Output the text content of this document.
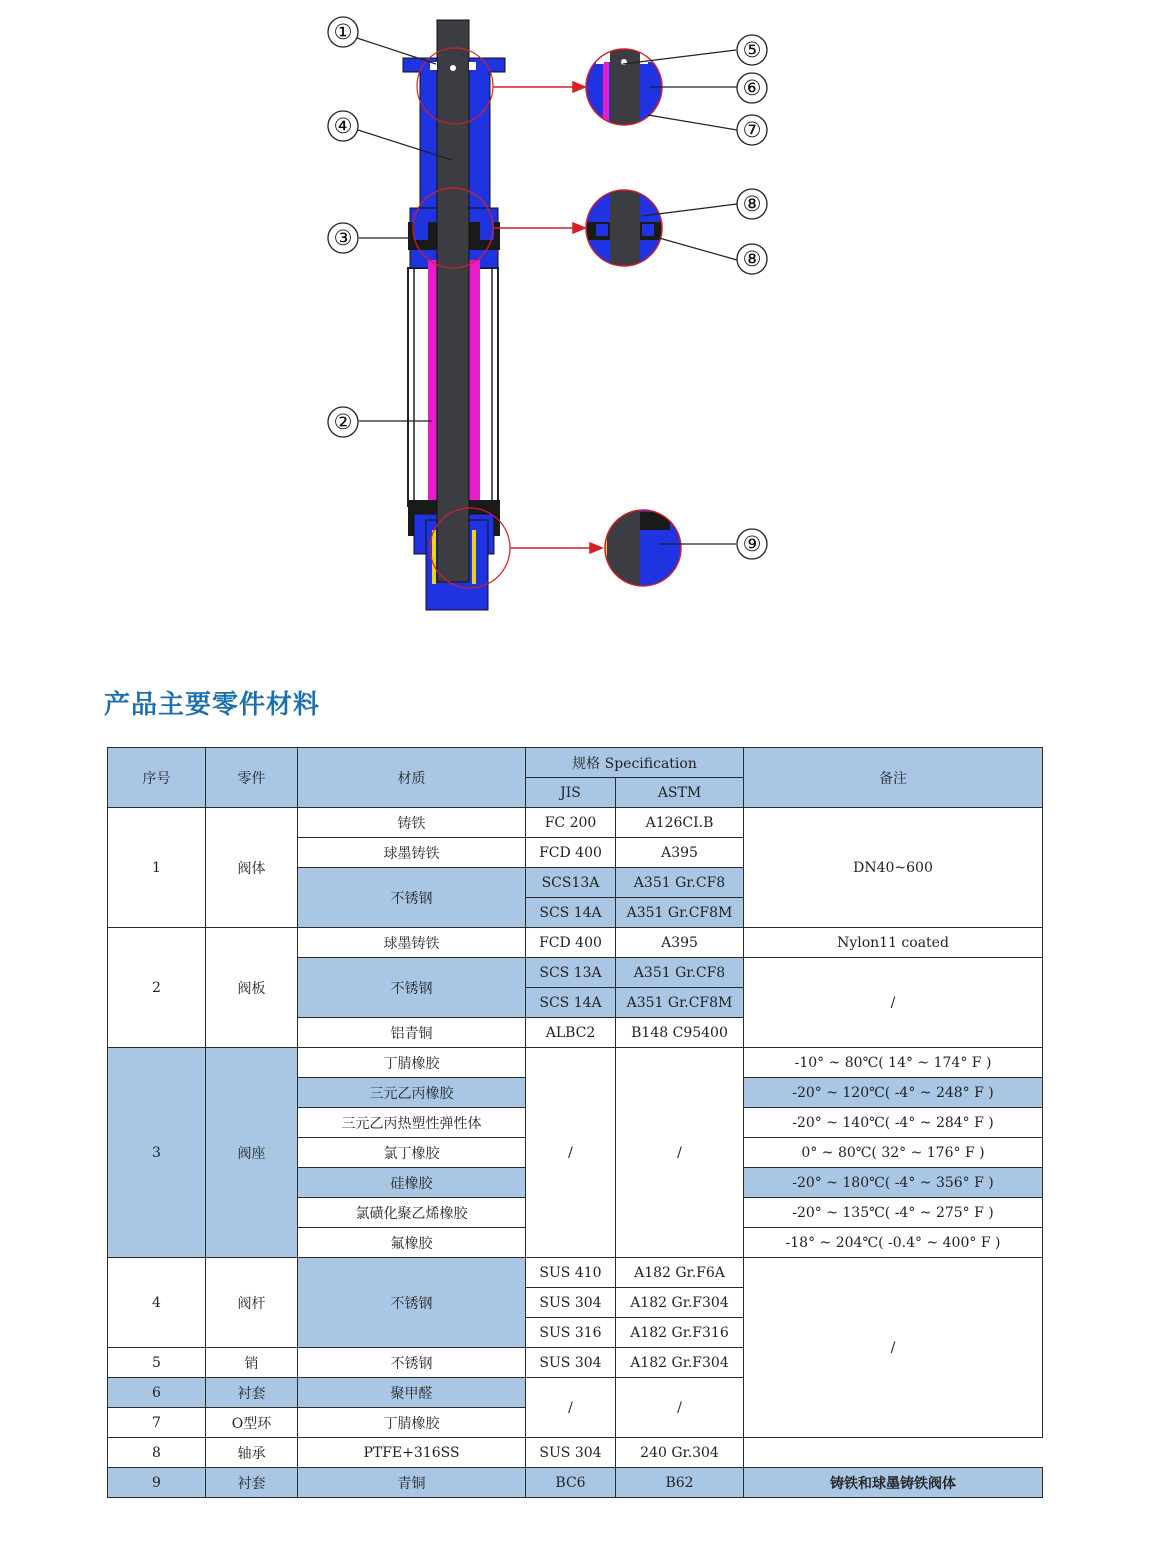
①
②
③
④
⑤
⑥
⑦
⑧
⑧
⑨
产品主要零件材料
序号	零件	材质	规格 Specification		备注
			JIS	ASTM	
1	阀体	铸铁	FC 200	A126CI.B	DN40~600
		球墨铸铁	FCD 400	A395	
		不锈钢	SCS13A	A351 Gr.CF8	
			SCS 14A	A351 Gr.CF8M	
2	阀板	球墨铸铁	FCD 400	A395	Nylon11 coated
		不锈钢	SCS 13A	A351 Gr.CF8	/
			SCS 14A	A351 Gr.CF8M	
		铝青铜	ALBC2	B148 C95400	
3	阀座	丁腈橡胶	/	/	-10° ~ 80℃( 14° ~ 174° F )
		三元乙丙橡胶			-20° ~ 120℃( -4° ~ 248° F )
		三元乙丙热塑性弹性体			-20° ~ 140℃( -4° ~ 284° F )
		氯丁橡胶			0° ~ 80℃( 32° ~ 176° F )
		硅橡胶			-20° ~ 180℃( -4° ~ 356° F )
		氯磺化聚乙烯橡胶			-20° ~ 135℃( -4° ~ 275° F )
		氟橡胶			-18° ~ 204℃( -0.4° ~ 400° F )
4	阀杆	不锈钢	SUS 410	A182 Gr.F6A	/
			SUS 304	A182 Gr.F304	
			SUS 316	A182 Gr.F316	
5	销	不锈钢	SUS 304	A182 Gr.F304	
6	衬套	聚甲醛	/	/	
7	O型环	丁腈橡胶			
8	轴承	PTFE+316SS	SUS 304	240 Gr.304	
9	衬套	青铜	BC6	B62	铸铁和球墨铸铁阀体
